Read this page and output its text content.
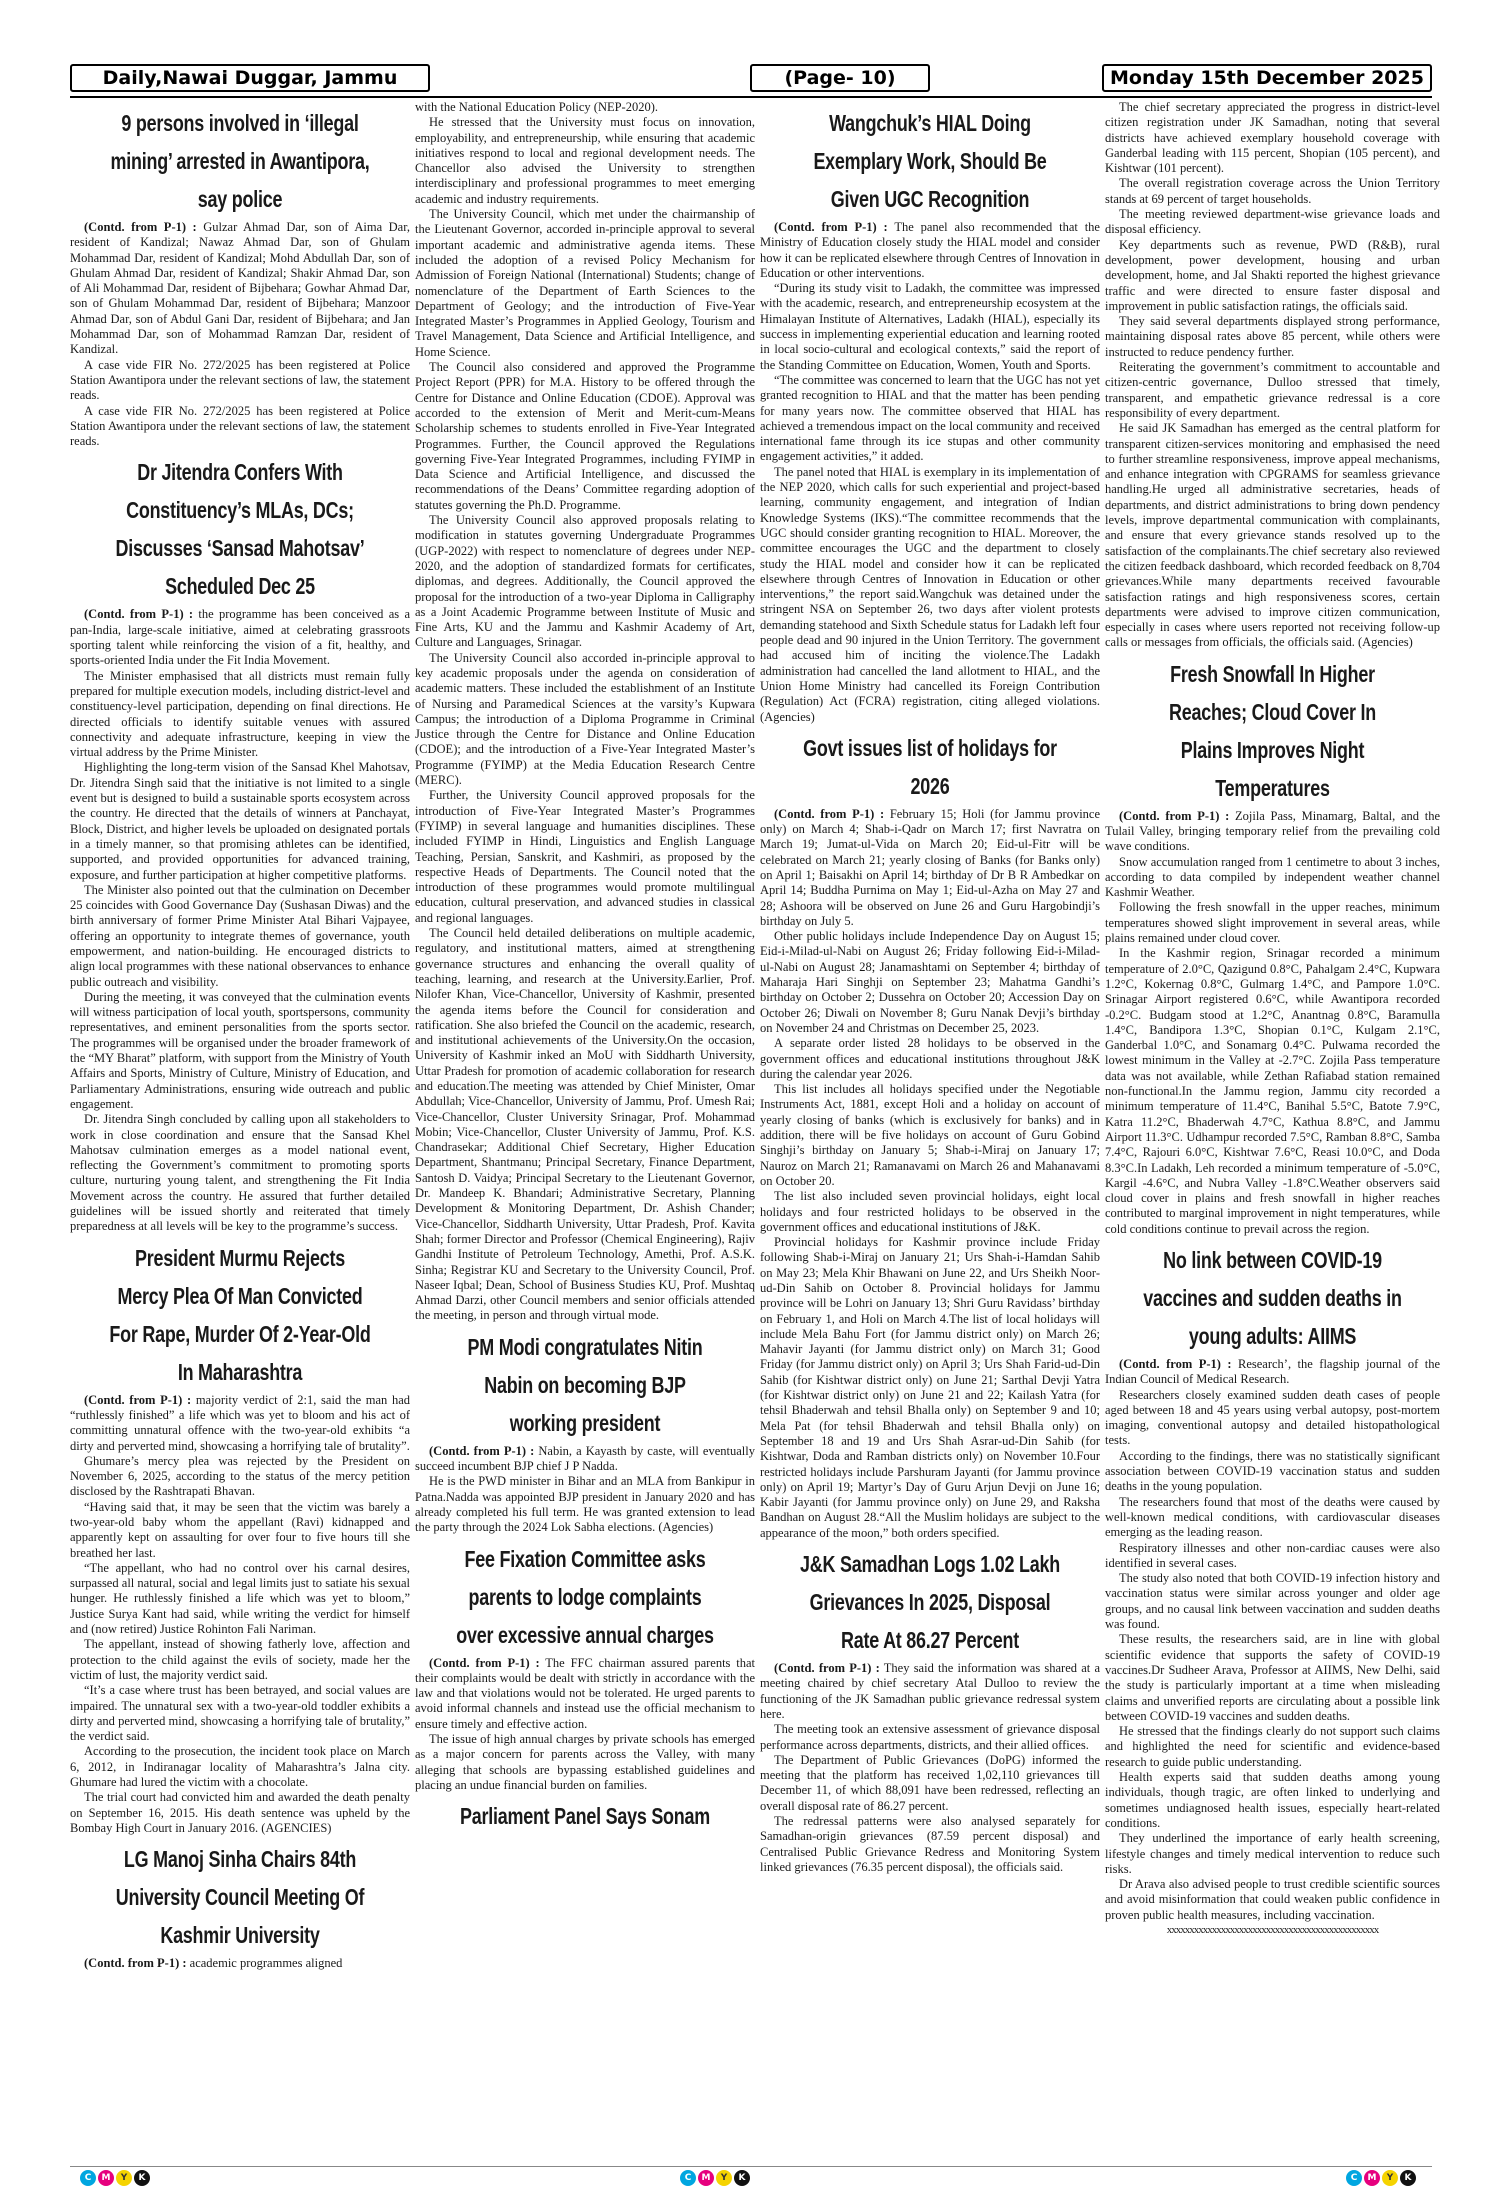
Daily,Nawai Duggar, Jammu	(Page- 10)	Monday 15th December 2025
9 persons involved in ‘illegal mining’ arrested in Awantipora, say police

(Contd. from P-1) : Gulzar Ahmad Dar, son of Aima Dar, resident of Kandizal; Nawaz Ahmad Dar, son of Ghulam Mohammad Dar, resident of Kandizal; Mohd Abdullah Dar, son of Ghulam Ahmad Dar, resident of Kandizal; Shakir Ahmad Dar, son of Ali Mohammad Dar, resident of Bijbehara; Gowhar Ahmad Dar, son of Ghulam Mohammad Dar, resident of Bijbehara; Manzoor Ahmad Dar, son of Abdul Gani Dar, resident of Bijbehara; and Jan Mohammad Dar, son of Mohammad Ramzan Dar, resident of Kandizal.

A case vide FIR No. 272/2025 has been registered at Police Station Awantipora under the relevant sections of law, the statement reads.

A case vide FIR No. 272/2025 has been registered at Police Station Awantipora under the relevant sections of law, the statement reads.

Dr Jitendra Confers With Constituency’s MLAs, DCs; Discusses ‘Sansad Mahotsav’ Scheduled Dec 25

(Contd. from P-1) : the programme has been conceived as a pan-India, large-scale initiative, aimed at celebrating grassroots sporting talent while reinforcing the vision of a fit, healthy, and sports-oriented India under the Fit India Movement.

The Minister emphasised that all districts must remain fully prepared for multiple execution models, including district-level and constituency-level participation, depending on final directions. He directed officials to identify suitable venues with assured connectivity and adequate infrastructure, keeping in view the virtual address by the Prime Minister.

Highlighting the long-term vision of the Sansad Khel Mahotsav, Dr. Jitendra Singh said that the initiative is not limited to a single event but is designed to build a sustainable sports ecosystem across the country. He directed that the details of winners at Panchayat, Block, District, and higher levels be uploaded on designated portals in a timely manner, so that promising athletes can be identified, supported, and provided opportunities for advanced training, exposure, and further participation at higher competitive platforms.

The Minister also pointed out that the culmination on December 25 coincides with Good Governance Day (Sushasan Diwas) and the birth anniversary of former Prime Minister Atal Bihari Vajpayee, offering an opportunity to integrate themes of governance, youth empowerment, and nation-building. He encouraged districts to align local programmes with these national observances to enhance public outreach and visibility.

During the meeting, it was conveyed that the culmination events will witness participation of local youth, sportspersons, community representatives, and eminent personalities from the sports sector. The programmes will be organised under the broader framework of the “MY Bharat” platform, with support from the Ministry of Youth Affairs and Sports, Ministry of Culture, Ministry of Education, and Parliamentary Administrations, ensuring wide outreach and public engagement.

Dr. Jitendra Singh concluded by calling upon all stakeholders to work in close coordination and ensure that the Sansad Khel Mahotsav culmination emerges as a model national event, reflecting the Government’s commitment to promoting sports culture, nurturing young talent, and strengthening the Fit India Movement across the country. He assured that further detailed guidelines will be issued shortly and reiterated that timely preparedness at all levels will be key to the programme’s success.

President Murmu Rejects Mercy Plea Of Man Convicted For Rape, Murder Of 2-Year-Old In Maharashtra

(Contd. from P-1) : majority verdict of 2:1, said the man had “ruthlessly finished” a life which was yet to bloom and his act of committing unnatural offence with the two-year-old exhibits “a dirty and perverted mind, showcasing a horrifying tale of brutality”.

Ghumare’s mercy plea was rejected by the President on November 6, 2025, according to the status of the mercy petition disclosed by the Rashtrapati Bhavan.

“Having said that, it may be seen that the victim was barely a two-year-old baby whom the appellant (Ravi) kidnapped and apparently kept on assaulting for over four to five hours till she breathed her last.

“The appellant, who had no control over his carnal desires, surpassed all natural, social and legal limits just to satiate his sexual hunger. He ruthlessly finished a life which was yet to bloom,” Justice Surya Kant had said, while writing the verdict for himself and (now retired) Justice Rohinton Fali Nariman.

The appellant, instead of showing fatherly love, affection and protection to the child against the evils of society, made her the victim of lust, the majority verdict said.

“It’s a case where trust has been betrayed, and social values are impaired. The unnatural sex with a two-year-old toddler exhibits a dirty and perverted mind, showcasing a horrifying tale of brutality,” the verdict said.

According to the prosecution, the incident took place on March 6, 2012, in Indiranagar locality of Maharashtra’s Jalna city. Ghumare had lured the victim with a chocolate.

The trial court had convicted him and awarded the death penalty on September 16, 2015. His death sentence was upheld by the Bombay High Court in January 2016. (AGENCIES)

LG Manoj Sinha Chairs 84th University Council Meeting Of Kashmir University

(Contd. from P-1) : academic programmes aligned

with the National Education Policy (NEP-2020).

He stressed that the University must focus on innovation, employability, and entrepreneurship, while ensuring that academic initiatives respond to local and regional development needs. The Chancellor also advised the University to strengthen interdisciplinary and professional programmes to meet emerging academic and industry requirements.

The University Council, which met under the chairmanship of the Lieutenant Governor, accorded in-principle approval to several important academic and administrative agenda items. These included the adoption of a revised Policy Mechanism for Admission of Foreign National (International) Students; change of nomenclature of the Department of Earth Sciences to the Department of Geology; and the introduction of Five-Year Integrated Master’s Programmes in Applied Geology, Tourism and Travel Management, Data Science and Artificial Intelligence, and Home Science.

The Council also considered and approved the Programme Project Report (PPR) for M.A. History to be offered through the Centre for Distance and Online Education (CDOE). Approval was accorded to the extension of Merit and Merit-cum-Means Scholarship schemes to students enrolled in Five-Year Integrated Programmes. Further, the Council approved the Regulations governing Five-Year Integrated Programmes, including FYIMP in Data Science and Artificial Intelligence, and discussed the recommendations of the Deans’ Committee regarding adoption of statutes governing the Ph.D. Programme.

The University Council also approved proposals relating to modification in statutes governing Undergraduate Programmes (UGP-2022) with respect to nomenclature of degrees under NEP-2020, and the adoption of standardized formats for certificates, diplomas, and degrees. Additionally, the Council approved the proposal for the introduction of a two-year Diploma in Calligraphy as a Joint Academic Programme between Institute of Music and Fine Arts, KU and the Jammu and Kashmir Academy of Art, Culture and Languages, Srinagar.

The University Council also accorded in-principle approval to key academic proposals under the agenda on consideration of academic matters. These included the establishment of an Institute of Nursing and Paramedical Sciences at the varsity’s Kupwara Campus; the introduction of a Diploma Programme in Criminal Justice through the Centre for Distance and Online Education (CDOE); and the introduction of a Five-Year Integrated Master’s Programme (FYIMP) at the Media Education Research Centre (MERC).

Further, the University Council approved proposals for the introduction of Five-Year Integrated Master’s Programmes (FYIMP) in several language and humanities disciplines. These included FYIMP in Hindi, Linguistics and English Language Teaching, Persian, Sanskrit, and Kashmiri, as proposed by the respective Heads of Departments. The Council noted that the introduction of these programmes would promote multilingual education, cultural preservation, and advanced studies in classical and regional languages.

The Council held detailed deliberations on multiple academic, regulatory, and institutional matters, aimed at strengthening governance structures and enhancing the overall quality of teaching, learning, and research at the University.Earlier, Prof. Nilofer Khan, Vice-Chancellor, University of Kashmir, presented the agenda items before the Council for consideration and ratification. She also briefed the Council on the academic, research, and institutional achievements of the University.On the occasion, University of Kashmir inked an MoU with Siddharth University, Uttar Pradesh for promotion of academic collaboration for research and education.The meeting was attended by Chief Minister, Omar Abdullah; Vice-Chancellor, University of Jammu, Prof. Umesh Rai; Vice-Chancellor, Cluster University Srinagar, Prof. Mohammad Mobin; Vice-Chancellor, Cluster University of Jammu, Prof. K.S. Chandrasekar; Additional Chief Secretary, Higher Education Department, Shantmanu; Principal Secretary, Finance Department, Santosh D. Vaidya; Principal Secretary to the Lieutenant Governor, Dr. Mandeep K. Bhandari; Administrative Secretary, Planning Development & Monitoring Department, Dr. Ashish Chander; Vice-Chancellor, Siddharth University, Uttar Pradesh, Prof. Kavita Shah; former Director and Professor (Chemical Engineering), Rajiv Gandhi Institute of Petroleum Technology, Amethi, Prof. A.S.K. Sinha; Registrar KU and Secretary to the University Council, Prof. Naseer Iqbal; Dean, School of Business Studies KU, Prof. Mushtaq Ahmad Darzi, other Council members and senior officials attended the meeting, in person and through virtual mode.

PM Modi congratulates Nitin Nabin on becoming BJP working president

(Contd. from P-1) : Nabin, a Kayasth by caste, will eventually succeed incumbent BJP chief J P Nadda.

He is the PWD minister in Bihar and an MLA from Bankipur in Patna.Nadda was appointed BJP president in January 2020 and has already completed his full term. He was granted extension to lead the party through the 2024 Lok Sabha elections. (Agencies)

Fee Fixation Committee asks parents to lodge complaints over excessive annual charges

(Contd. from P-1) : The FFC chairman assured parents that their complaints would be dealt with strictly in accordance with the law and that violations would not be tolerated. He urged parents to avoid informal channels and instead use the official mechanism to ensure timely and effective action.

The issue of high annual charges by private schools has emerged as a major concern for parents across the Valley, with many alleging that schools are bypassing established guidelines and placing an undue financial burden on families.

Parliament Panel Says Sonam
Wangchuk’s HIAL Doing Exemplary Work, Should Be Given UGC Recognition

(Contd. from P-1) : The panel also recommended that the Ministry of Education closely study the HIAL model and consider how it can be replicated elsewhere through Centres of Innovation in Education or other interventions.

“During its study visit to Ladakh, the committee was impressed with the academic, research, and entrepreneurship ecosystem at the Himalayan Institute of Alternatives, Ladakh (HIAL), especially its success in implementing experiential education and learning rooted in local socio-cultural and ecological contexts,” said the report of the Standing Committee on Education, Women, Youth and Sports.

“The committee was concerned to learn that the UGC has not yet granted recognition to HIAL and that the matter has been pending for many years now. The committee observed that HIAL has achieved a tremendous impact on the local community and received international fame through its ice stupas and other community engagement activities,” it added.

The panel noted that HIAL is exemplary in its implementation of the NEP 2020, which calls for such experiential and project-based learning, community engagement, and integration of Indian Knowledge Systems (IKS).“The committee recommends that the UGC should consider granting recognition to HIAL. Moreover, the committee encourages the UGC and the department to closely study the HIAL model and consider how it can be replicated elsewhere through Centres of Innovation in Education or other interventions,” the report said.Wangchuk was detained under the stringent NSA on September 26, two days after violent protests demanding statehood and Sixth Schedule status for Ladakh left four people dead and 90 injured in the Union Territory. The government had accused him of inciting the violence.The Ladakh administration had cancelled the land allotment to HIAL, and the Union Home Ministry had cancelled its Foreign Contribution (Regulation) Act (FCRA) registration, citing alleged violations. (Agencies)

Govt issues list of holidays for 2026

(Contd. from P-1) : February 15; Holi (for Jammu province only) on March 4; Shab-i-Qadr on March 17; first Navratra on March 19; Jumat-ul-Vida on March 20; Eid-ul-Fitr will be celebrated on March 21; yearly closing of Banks (for Banks only) on April 1; Baisakhi on April 14; birthday of Dr B R Ambedkar on April 14; Buddha Purnima on May 1; Eid-ul-Azha on May 27 and 28; Ashoora will be observed on June 26 and Guru Hargobindji’s birthday on July 5.

Other public holidays include Independence Day on August 15; Eid-i-Milad-ul-Nabi on August 26; Friday following Eid-i-Milad-ul-Nabi on August 28; Janamashtami on September 4; birthday of Maharaja Hari Singhji on September 23; Mahatma Gandhi’s birthday on October 2; Dussehra on October 20; Accession Day on October 26; Diwali on November 8; Guru Nanak Devji’s birthday on November 24 and Christmas on December 25, 2023.

A separate order listed 28 holidays to be observed in the government offices and educational institutions throughout J&K during the calendar year 2026.

This list includes all holidays specified under the Negotiable Instruments Act, 1881, except Holi and a holiday on account of yearly closing of banks (which is exclusively for banks) and in addition, there will be five holidays on account of Guru Gobind Singhji’s birthday on January 5; Shab-i-Miraj on January 17; Nauroz on March 21; Ramanavami on March 26 and Mahanavami on October 20.

The list also included seven provincial holidays, eight local holidays and four restricted holidays to be observed in the government offices and educational institutions of J&K.

Provincial holidays for Kashmir province include Friday following Shab-i-Miraj on January 21; Urs Shah-i-Hamdan Sahib on May 23; Mela Khir Bhawani on June 22, and Urs Sheikh Noor-ud-Din Sahib on October 8. Provincial holidays for Jammu province will be Lohri on January 13; Shri Guru Ravidass’ birthday on February 1, and Holi on March 4.The list of local holidays will include Mela Bahu Fort (for Jammu district only) on March 26; Mahavir Jayanti (for Jammu district only) on March 31; Good Friday (for Jammu district only) on April 3; Urs Shah Farid-ud-Din Sahib (for Kishtwar district only) on June 21; Sarthal Devji Yatra (for Kishtwar district only) on June 21 and 22; Kailash Yatra (for tehsil Bhaderwah and tehsil Bhalla only) on September 9 and 10; Mela Pat (for tehsil Bhaderwah and tehsil Bhalla only) on September 18 and 19 and Urs Shah Asrar-ud-Din Sahib (for Kishtwar, Doda and Ramban districts only) on November 10.Four restricted holidays include Parshuram Jayanti (for Jammu province only) on April 19; Martyr’s Day of Guru Arjun Devji on June 16; Kabir Jayanti (for Jammu province only) on June 29, and Raksha Bandhan on August 28.“All the Muslim holidays are subject to the appearance of the moon,” both orders specified.

J&K Samadhan Logs 1.02 Lakh Grievances In 2025, Disposal Rate At 86.27 Percent

(Contd. from P-1) : They said the information was shared at a meeting chaired by chief secretary Atal Dulloo to review the functioning of the JK Samadhan public grievance redressal system here.

The meeting took an extensive assessment of grievance disposal performance across departments, districts, and their allied offices.

The Department of Public Grievances (DoPG) informed the meeting that the platform has received 1,02,110 grievances till December 11, of which 88,091 have been redressed, reflecting an overall disposal rate of 86.27 percent.

The redressal patterns were also analysed separately for Samadhan-origin grievances (87.59 percent disposal) and Centralised Public Grievance Redress and Monitoring System linked grievances (76.35 percent disposal), the officials said.

The chief secretary appreciated the progress in district-level citizen registration under JK Samadhan, noting that several districts have achieved exemplary household coverage with Ganderbal leading with 115 percent, Shopian (105 percent), and Kishtwar (101 percent).

The overall registration coverage across the Union Territory stands at 69 percent of target households.

The meeting reviewed department-wise grievance loads and disposal efficiency.

Key departments such as revenue, PWD (R&B), rural development, power development, housing and urban development, home, and Jal Shakti reported the highest grievance traffic and were directed to ensure faster disposal and improvement in public satisfaction ratings, the officials said.

They said several departments displayed strong performance, maintaining disposal rates above 85 percent, while others were instructed to reduce pendency further.

Reiterating the government’s commitment to accountable and citizen-centric governance, Dulloo stressed that timely, transparent, and empathetic grievance redressal is a core responsibility of every department.

He said JK Samadhan has emerged as the central platform for transparent citizen-services monitoring and emphasised the need to further streamline responsiveness, improve appeal mechanisms, and enhance integration with CPGRAMS for seamless grievance handling.He urged all administrative secretaries, heads of departments, and district administrations to bring down pendency levels, improve departmental communication with complainants, and ensure that every grievance stands resolved up to the satisfaction of the complainants.The chief secretary also reviewed the citizen feedback dashboard, which recorded feedback on 8,704 grievances.While many departments received favourable satisfaction ratings and high responsiveness scores, certain departments were advised to improve citizen communication, especially in cases where users reported not receiving follow-up calls or messages from officials, the officials said. (Agencies)

Fresh Snowfall In Higher Reaches; Cloud Cover In Plains Improves Night Temperatures

(Contd. from P-1) : Zojila Pass, Minamarg, Baltal, and the Tulail Valley, bringing temporary relief from the prevailing cold wave conditions.

Snow accumulation ranged from 1 centimetre to about 3 inches, according to data compiled by independent weather channel Kashmir Weather.

Following the fresh snowfall in the upper reaches, minimum temperatures showed slight improvement in several areas, while plains remained under cloud cover.

In the Kashmir region, Srinagar recorded a minimum temperature of 2.0°C, Qazigund 0.8°C, Pahalgam 2.4°C, Kupwara 1.2°C, Kokernag 0.8°C, Gulmarg 1.4°C, and Pampore 1.0°C. Srinagar Airport registered 0.6°C, while Awantipora recorded -0.2°C. Budgam stood at 1.2°C, Anantnag 0.8°C, Baramulla 1.4°C, Bandipora 1.3°C, Shopian 0.1°C, Kulgam 2.1°C, Ganderbal 1.0°C, and Sonamarg 0.4°C. Pulwama recorded the lowest minimum in the Valley at -2.7°C. Zojila Pass temperature data was not available, while Zethan Rafiabad station remained non-functional.In the Jammu region, Jammu city recorded a minimum temperature of 11.4°C, Banihal 5.5°C, Batote 7.9°C, Katra 11.2°C, Bhaderwah 4.7°C, Kathua 8.8°C, and Jammu Airport 11.3°C. Udhampur recorded 7.5°C, Ramban 8.8°C, Samba 7.4°C, Rajouri 6.0°C, Kishtwar 7.6°C, Reasi 10.0°C, and Doda 8.3°C.In Ladakh, Leh recorded a minimum temperature of -5.0°C, Kargil -4.6°C, and Nubra Valley -1.8°C.Weather observers said cloud cover in plains and fresh snowfall in higher reaches contributed to marginal improvement in night temperatures, while cold conditions continue to prevail across the region.

No link between COVID-19 vaccines and sudden deaths in young adults: AIIMS

(Contd. from P-1) : Research’, the flagship journal of the Indian Council of Medical Research.

Researchers closely examined sudden death cases of people aged between 18 and 45 years using verbal autopsy, post-mortem imaging, conventional autopsy and detailed histopathological tests.

According to the findings, there was no statistically significant association between COVID-19 vaccination status and sudden deaths in the young population.

The researchers found that most of the deaths were caused by well-known medical conditions, with cardiovascular diseases emerging as the leading reason.

Respiratory illnesses and other non-cardiac causes were also identified in several cases.

The study also noted that both COVID-19 infection history and vaccination status were similar across younger and older age groups, and no causal link between vaccination and sudden deaths was found.

These results, the researchers said, are in line with global scientific evidence that supports the safety of COVID-19 vaccines.Dr Sudheer Arava, Professor at AIIMS, New Delhi, said the study is particularly important at a time when misleading claims and unverified reports are circulating about a possible link between COVID-19 vaccines and sudden deaths.

He stressed that the findings clearly do not support such claims and highlighted the need for scientific and evidence-based research to guide public understanding.

Health experts said that sudden deaths among young individuals, though tragic, are often linked to underlying and sometimes undiagnosed health issues, especially heart-related conditions.

They underlined the importance of early health screening, lifestyle changes and timely medical intervention to reduce such risks.

Dr Arava also advised people to trust credible scientific sources and avoid misinformation that could weaken public confidence in proven public health measures, including vaccination.

xxxxxxxxxxxxxxxxxxxxxxxxxxxxxxxxxxxxxxxxxxxxxxx
C	M	Y	K	C	M	Y	K	C	M	Y	K
